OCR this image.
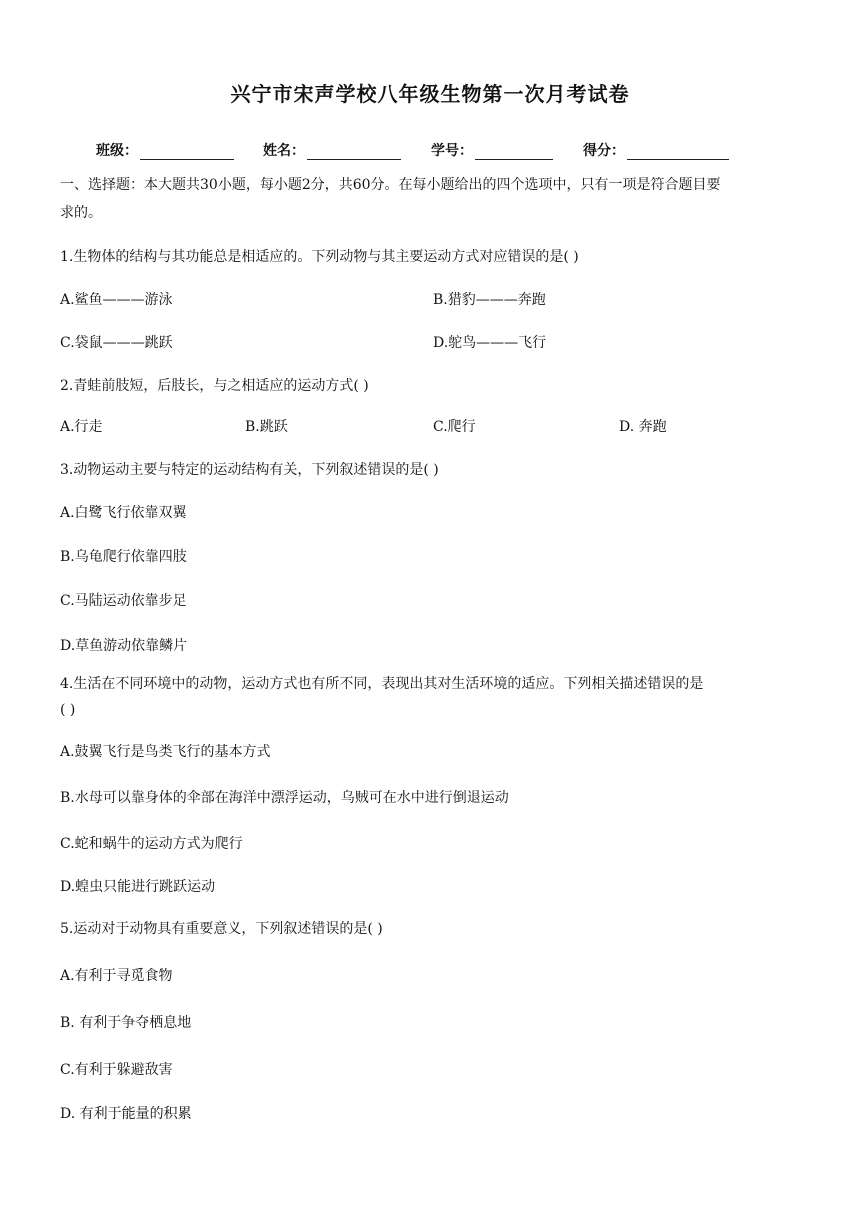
兴宁市宋声学校八年级生物第一次月考试卷
班级：	姓名：	学号：	得分：
一、选择题：本大题共30小题，每小题2分，共60分。在每小题给出的四个选项中，只有一项是符合题目要
求的。
1.生物体的结构与其功能总是相适应的。下列动物与其主要运动方式对应错误的是( )
A.鲨鱼———游泳	B.猎豹———奔跑
C.袋鼠———跳跃	D.鸵鸟———飞行
2.青蛙前肢短，后肢长，与之相适应的运动方式( )
A.行走	B.跳跃	C.爬行	D. 奔跑
3.动物运动主要与特定的运动结构有关，下列叙述错误的是( )
A.白鹭飞行依靠双翼
B.乌龟爬行依靠四肢
C.马陆运动依靠步足
D.草鱼游动依靠鳞片
4.生活在不同环境中的动物，运动方式也有所不同，表现出其对生活环境的适应。下列相关描述错误的是
( )
A.鼓翼飞行是鸟类飞行的基本方式
B.水母可以靠身体的伞部在海洋中漂浮运动，乌贼可在水中进行倒退运动
C.蛇和蜗牛的运动方式为爬行
D.蝗虫只能进行跳跃运动
5.运动对于动物具有重要意义，下列叙述错误的是( )
A.有利于寻觅食物
B. 有利于争夺栖息地
C.有利于躲避敌害
D. 有利于能量的积累
